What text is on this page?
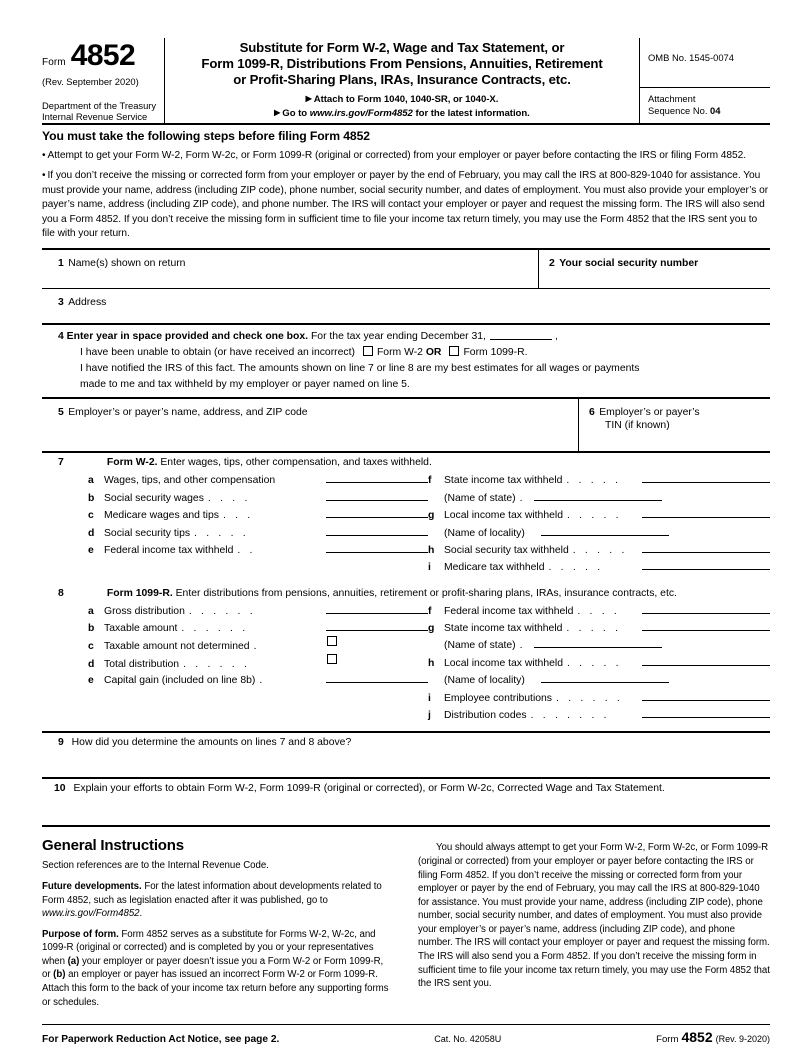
Form 4852
(Rev. September 2020)
Department of the Treasury
Internal Revenue Service
Substitute for Form W-2, Wage and Tax Statement, or
Form 1099-R, Distributions From Pensions, Annuities, Retirement
or Profit-Sharing Plans, IRAs, Insurance Contracts, etc.
▶ Attach to Form 1040, 1040-SR, or 1040-X.
▶ Go to www.irs.gov/Form4852 for the latest information.
OMB No. 1545-0074
Attachment
Sequence No. 04
You must take the following steps before filing Form 4852
• Attempt to get your Form W-2, Form W-2c, or Form 1099-R (original or corrected) from your employer or payer before contacting the IRS or filing Form 4852.
• If you don’t receive the missing or corrected form from your employer or payer by the end of February, you may call the IRS at 800-829-1040 for assistance. You must provide your name, address (including ZIP code), phone number, social security number, and dates of employment. You must also provide your employer’s or payer’s name, address (including ZIP code), and phone number. The IRS will contact your employer or payer and request the missing form. The IRS will also send you a Form 4852. If you don’t receive the missing form in sufficient time to file your income tax return timely, you may use the Form 4852 that the IRS sent you to file with your return.
1 Name(s) shown on return	2 Your social security number
3 Address
4 Enter year in space provided and check one box. For the tax year ending December 31,	,
I have been unable to obtain (or have received an incorrect) Form W-2 OR Form 1099-R.
I have notified the IRS of this fact. The amounts shown on line 7 or line 8 are my best estimates for all wages or payments
made to me and tax withheld by my employer or payer named on line 5.
5 Employer’s or payer’s name, address, and ZIP code	6 Employer’s or payer’s
TIN (if known)
7	Form W-2. Enter wages, tips, other compensation, and taxes withheld.
a Wages, tips, and other compensation
b Social security wages . . . .
c Medicare wages and tips . . .
d Social security tips . . . . .
e Federal income tax withheld . .
f	State income tax withheld . . . . .
(Name of state) .
g Local income tax withheld . . . . .
(Name of locality)
h Social security tax withheld . . . . .
i	Medicare tax withheld . . . . .
8	Form 1099-R. Enter distributions from pensions, annuities, retirement or profit-sharing plans, IRAs, insurance contracts, etc.
a Gross distribution . . . . . .
b Taxable amount . . . . . .
c Taxable amount not determined .
d Total distribution . . . . . .
e Capital gain (included on line 8b) .
f	Federal income tax withheld . . . .
g State income tax withheld . . . . .
(Name of state) .
h Local income tax withheld . . . . .
(Name of locality)
i	Employee contributions . . . . . .
j	Distribution codes . . . . . . .
9 How did you determine the amounts on lines 7 and 8 above?
10 Explain your efforts to obtain Form W-2, Form 1099-R (original or corrected), or Form W-2c, Corrected Wage and Tax Statement.
General Instructions
Section references are to the Internal Revenue Code.
Future developments. For the latest information about developments related to Form 4852, such as legislation enacted after it was published, go to www.irs.gov/Form4852.
Purpose of form. Form 4852 serves as a substitute for Forms W-2, W-2c, and 1099-R (original or corrected) and is completed by you or your representatives when (a) your employer or payer doesn’t issue you a Form W-2 or Form 1099-R, or (b) an employer or payer has issued an incorrect Form W-2 or Form 1099-R. Attach this form to the back of your income tax return before any supporting forms or schedules.
You should always attempt to get your Form W-2, Form W-2c, or Form 1099-R (original or corrected) from your employer or payer before contacting the IRS or filing Form 4852. If you don’t receive the missing or corrected form from your employer or payer by the end of February, you may call the IRS at 800-829-1040 for assistance. You must provide your name, address (including ZIP code), phone number, social security number, and dates of employment. You must also provide your employer’s or payer’s name, address (including ZIP code), and phone number. The IRS will contact your employer or payer and request the missing form. The IRS will also send you a Form 4852. If you don’t receive the missing form in sufficient time to file your income tax return timely, you may use the Form 4852 that the IRS sent you.
For Paperwork Reduction Act Notice, see page 2.	Cat. No. 42058U	Form 4852 (Rev. 9-2020)
